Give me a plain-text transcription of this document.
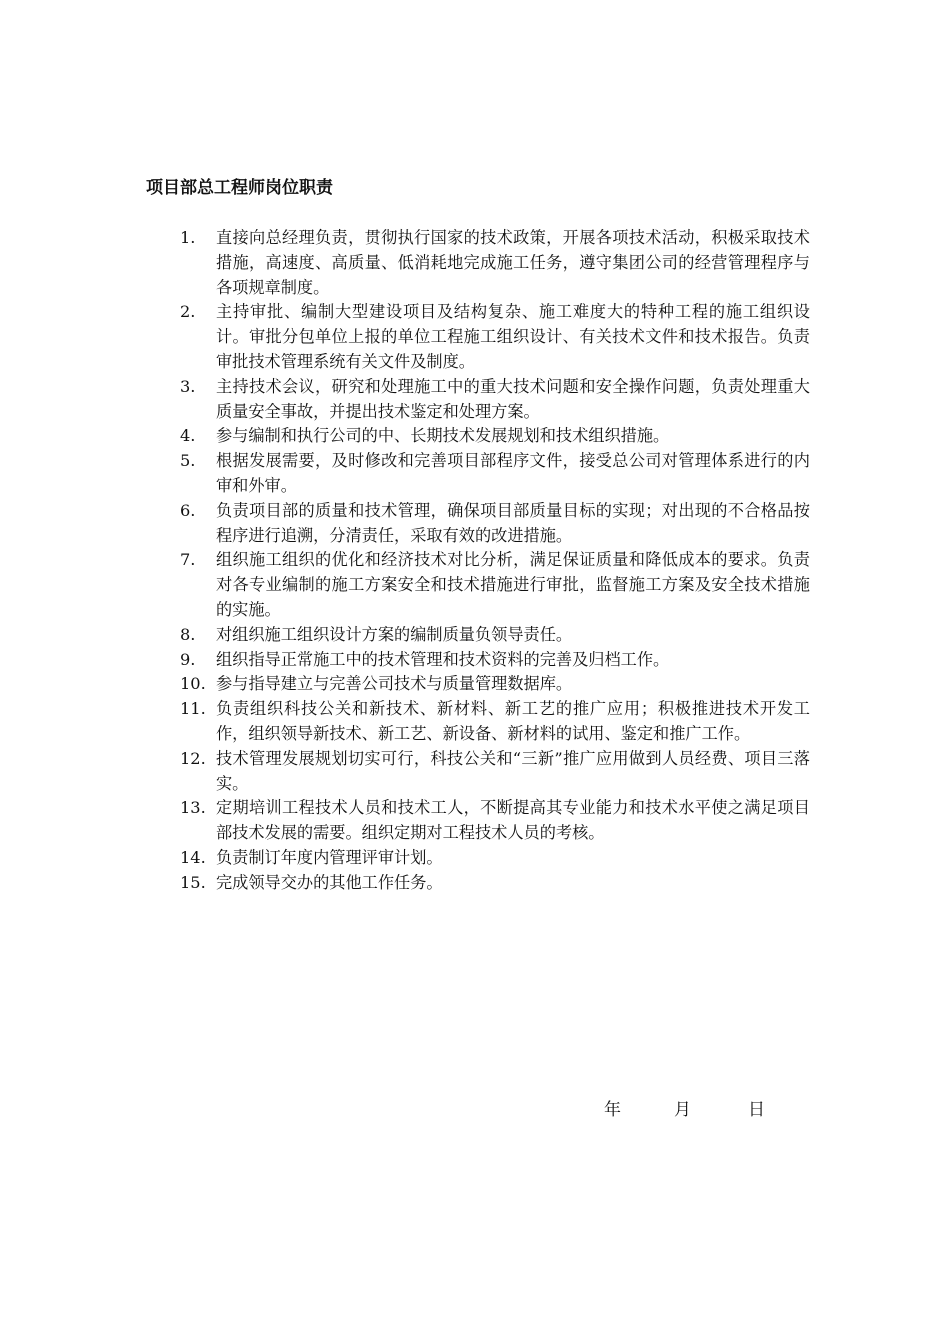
项目部总工程师岗位职责
1.	直接向总经理负责，贯彻执行国家的技术政策，开展各项技术活动，积极采取技术措施，高速度、高质量、低消耗地完成施工任务，遵守集团公司的经营管理程序与各项规章制度。
2.	主持审批、编制大型建设项目及结构复杂、施工难度大的特种工程的施工组织设计。审批分包单位上报的单位工程施工组织设计、有关技术文件和技术报告。负责审批技术管理系统有关文件及制度。
3.	主持技术会议，研究和处理施工中的重大技术问题和安全操作问题，负责处理重大质量安全事故，并提出技术鉴定和处理方案。
4.	参与编制和执行公司的中、长期技术发展规划和技术组织措施。
5.	根据发展需要，及时修改和完善项目部程序文件，接受总公司对管理体系进行的内审和外审。
6.	负责项目部的质量和技术管理，确保项目部质量目标的实现；对出现的不合格品按程序进行追溯，分清责任，采取有效的改进措施。
7.	组织施工组织的优化和经济技术对比分析，满足保证质量和降低成本的要求。负责对各专业编制的施工方案安全和技术措施进行审批，监督施工方案及安全技术措施的实施。
8.	对组织施工组织设计方案的编制质量负领导责任。
9.	组织指导正常施工中的技术管理和技术资料的完善及归档工作。
10. 参与指导建立与完善公司技术与质量管理数据库。
11. 负责组织科技公关和新技术、新材料、新工艺的推广应用；积极推进技术开发工作，组织领导新技术、新工艺、新设备、新材料的试用、鉴定和推广工作。
12. 技术管理发展规划切实可行，科技公关和“三新”推广应用做到人员经费、项目三落实。
13. 定期培训工程技术人员和技术工人，不断提高其专业能力和技术水平使之满足项目部技术发展的需要。组织定期对工程技术人员的考核。
14. 负责制订年度内管理评审计划。
15. 完成领导交办的其他工作任务。
年	月	日
